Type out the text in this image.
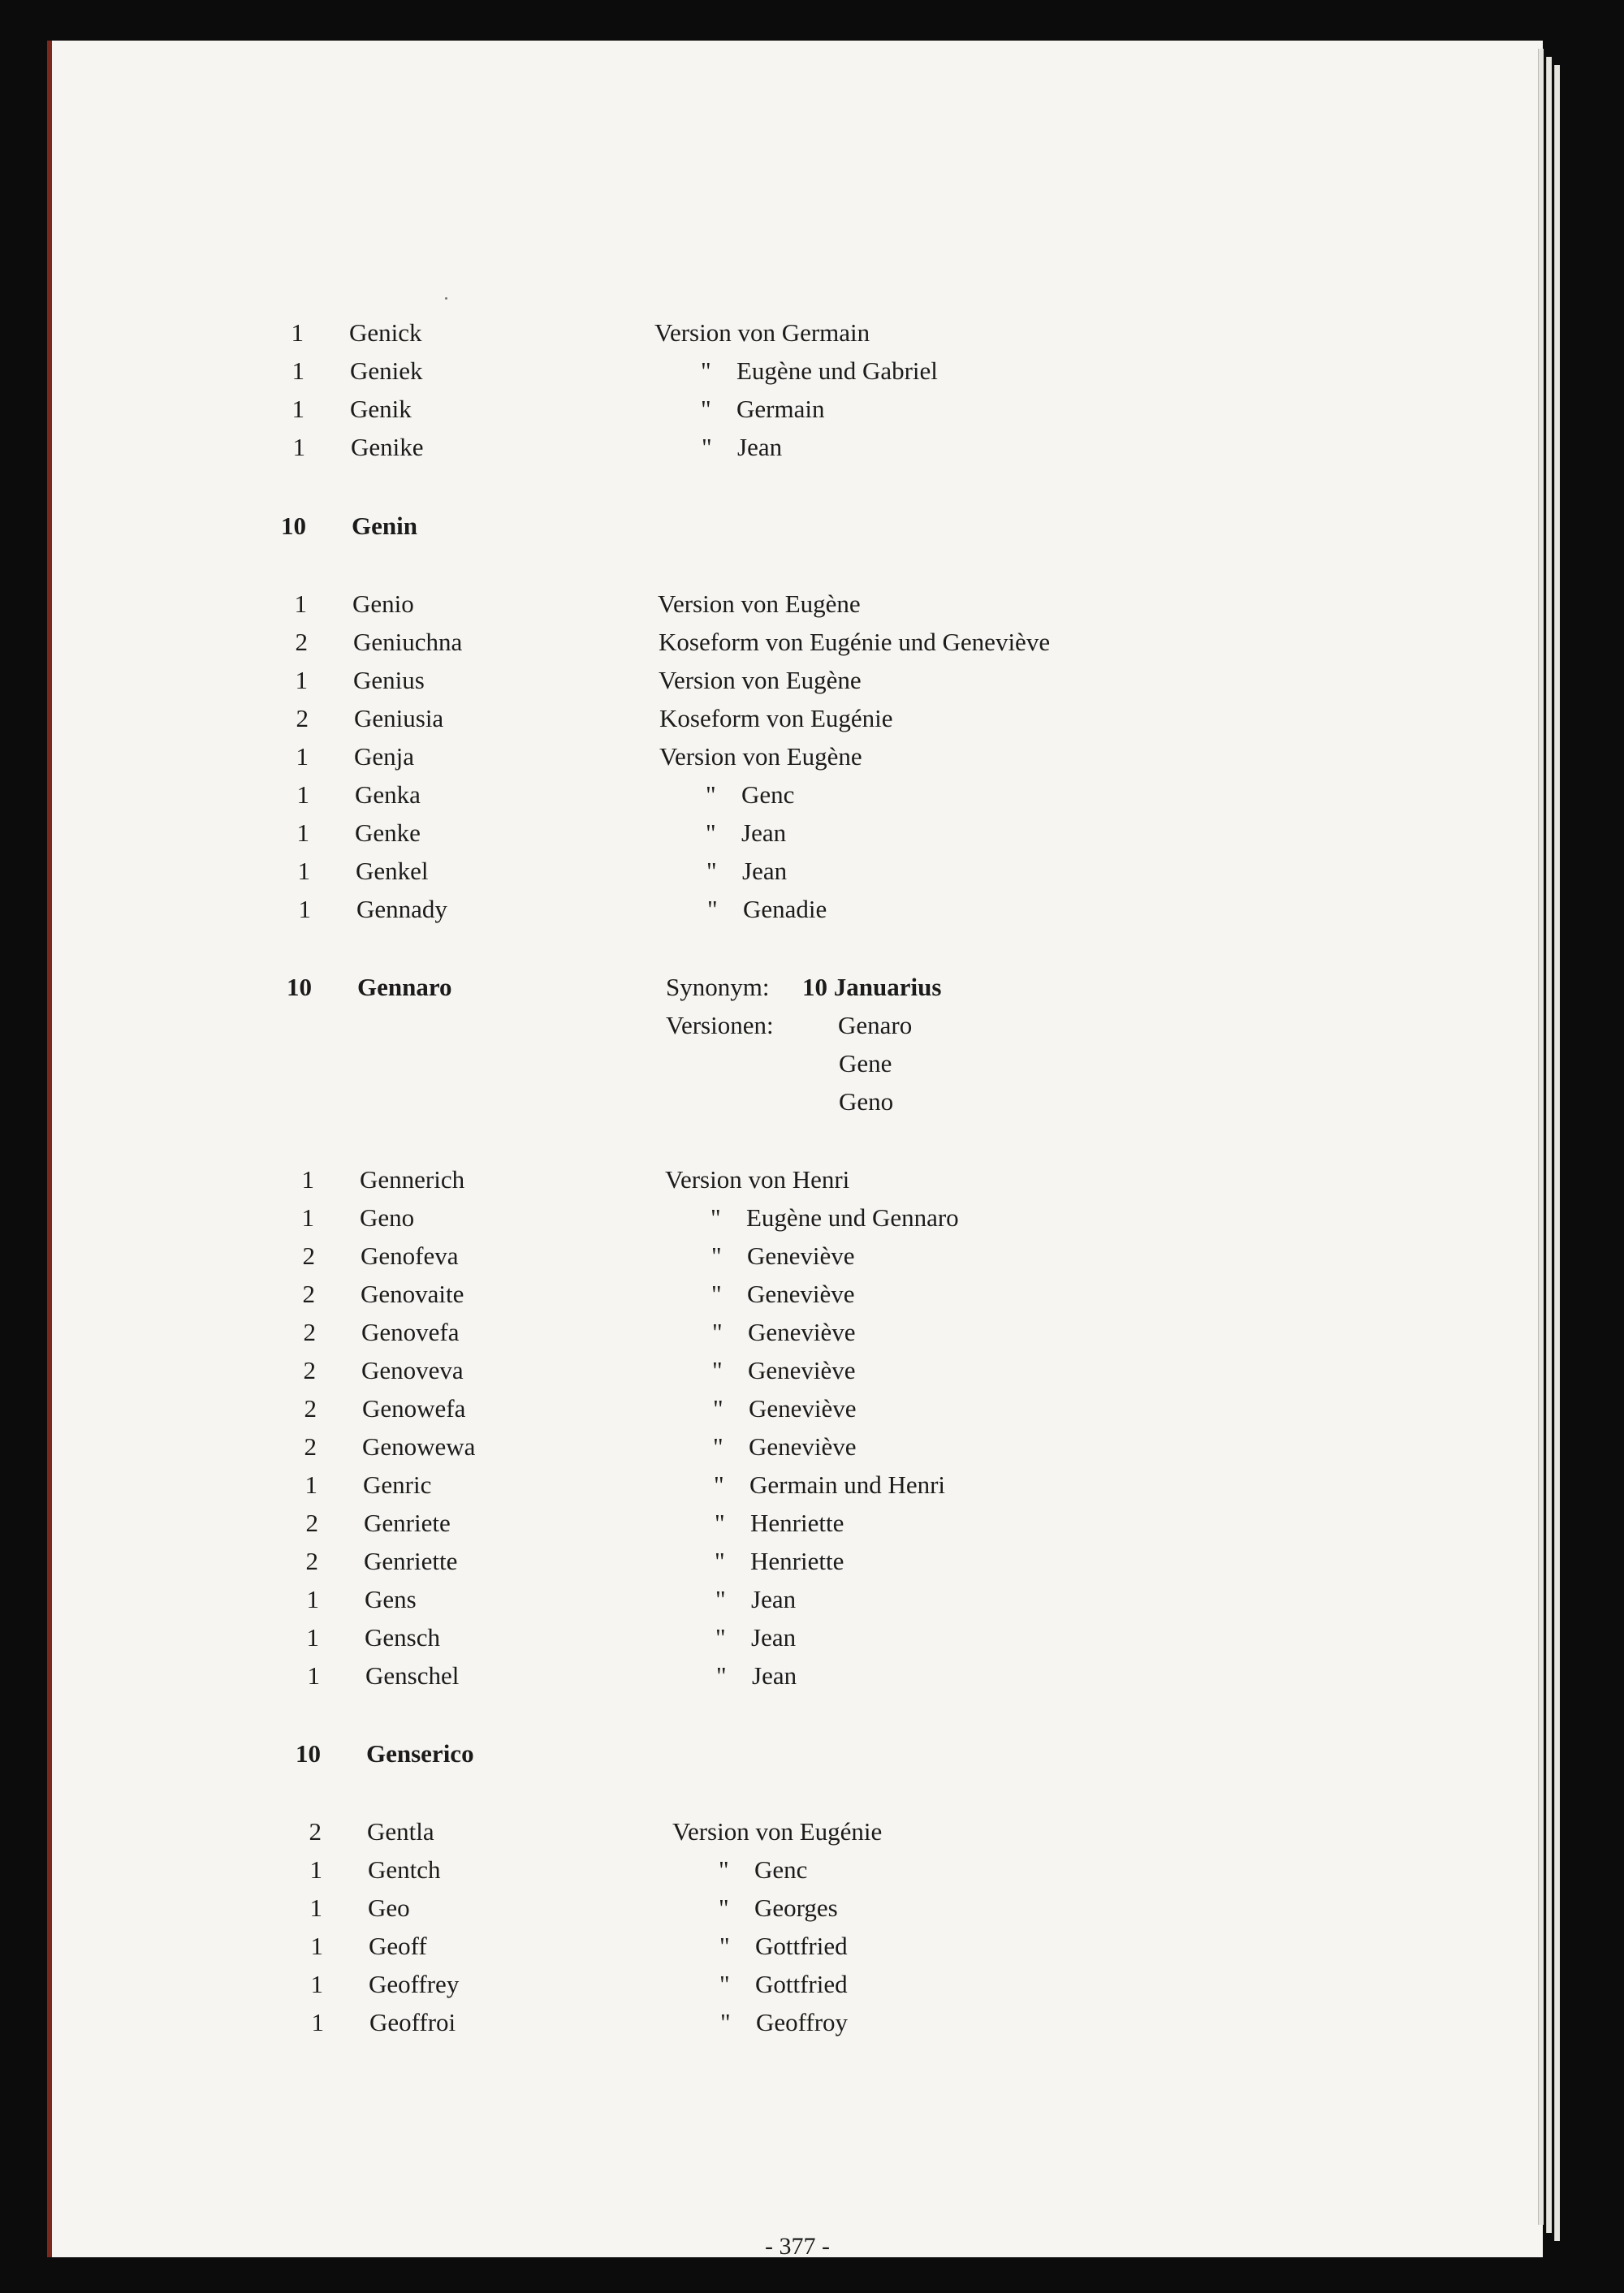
1 Genick	Version von Germain
1 Geniek	" Eugène und Gabriel
1 Genik	" Germain
1 Genike	" Jean
10 Genin
1 Genio	Version von Eugène
2 Geniuchna	Koseform von Eugénie und Geneviève
1 Genius	Version von Eugène
2 Geniusia	Koseform von Eugénie
1 Genja	Version von Eugène
1 Genka	" Genc
1 Genke	" Jean
1 Genkel	" Jean
1 Gennady	" Genadie
10 Gennaro	Synonym: 10 Januarius
Versionen:	Genaro
Gene
Geno
1 Gennerich	Version von Henri
1 Geno	" Eugène und Gennaro
2 Genofeva	" Geneviève
2 Genovaite	" Geneviève
2 Genovefa	" Geneviève
2 Genoveva	" Geneviève
2 Genowefa	" Geneviève
2 Genowewa	" Geneviève
1 Genric	" Germain und Henri
2 Genriete	" Henriette
2 Genriette	" Henriette
1 Gens	" Jean
1 Gensch	" Jean
1 Genschel	" Jean
10 Genserico
2 Gentla	Version von Eugénie
1 Gentch	" Genc
1 Geo	" Georges
1 Geoff	" Gottfried
1 Geoffrey	" Gottfried
1 Geoffroi	" Geoffroy
- 377 -
